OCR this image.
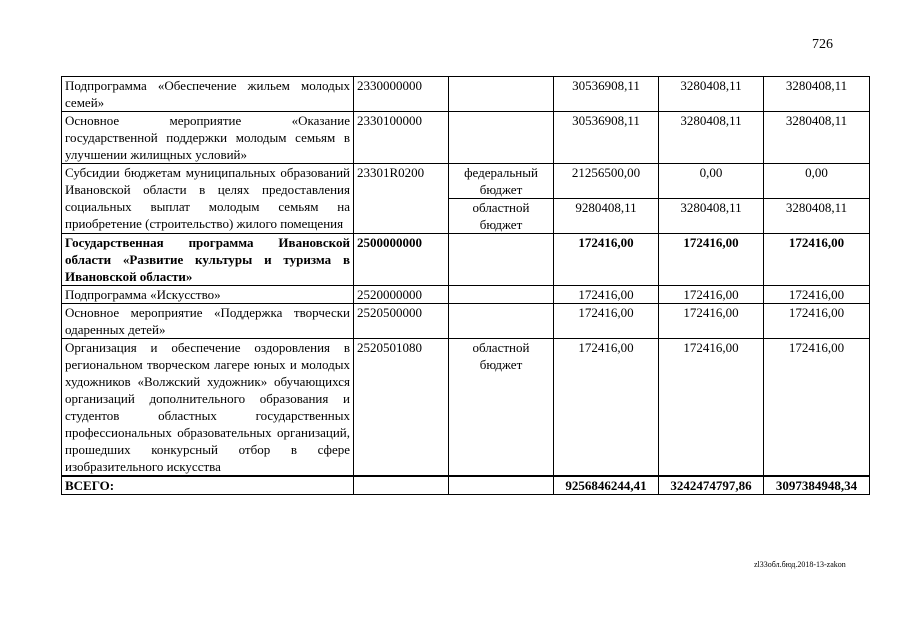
726
Подпрограмма «Обеспечение жильем молодых семей»	2330000000		30536908,11	3280408,11	3280408,11
Основное мероприятие «Оказание государственной поддержки молодым семьям в улучшении жилищных условий»	2330100000		30536908,11	3280408,11	3280408,11
Субсидии бюджетам муниципальных образований Ивановской области в целях предоставления социальных выплат молодым семьям на приобретение (строительство) жилого помещения	23301R0200	федеральный бюджет	21256500,00	0,00	0,00
		областной бюджет	9280408,11	3280408,11	3280408,11
Государственная программа Ивановской области «Развитие культуры и туризма в Ивановской области»	2500000000		172416,00	172416,00	172416,00
Подпрограмма «Искусство»	2520000000		172416,00	172416,00	172416,00
Основное мероприятие «Поддержка творчески одаренных детей»	2520500000		172416,00	172416,00	172416,00
Организация и обеспечение оздоровления в региональном творческом лагере юных и молодых художников «Волжский художник» обучающихся организаций дополнительного образования и студентов областных государственных профессиональных образовательных организаций, прошедших конкурсный отбор в сфере изобразительного искусства	2520501080	областной бюджет	172416,00	172416,00	172416,00
ВСЕГО:			9256846244,41	3242474797,86	3097384948,34
zl33обл.бюд.2018-13-zakon
